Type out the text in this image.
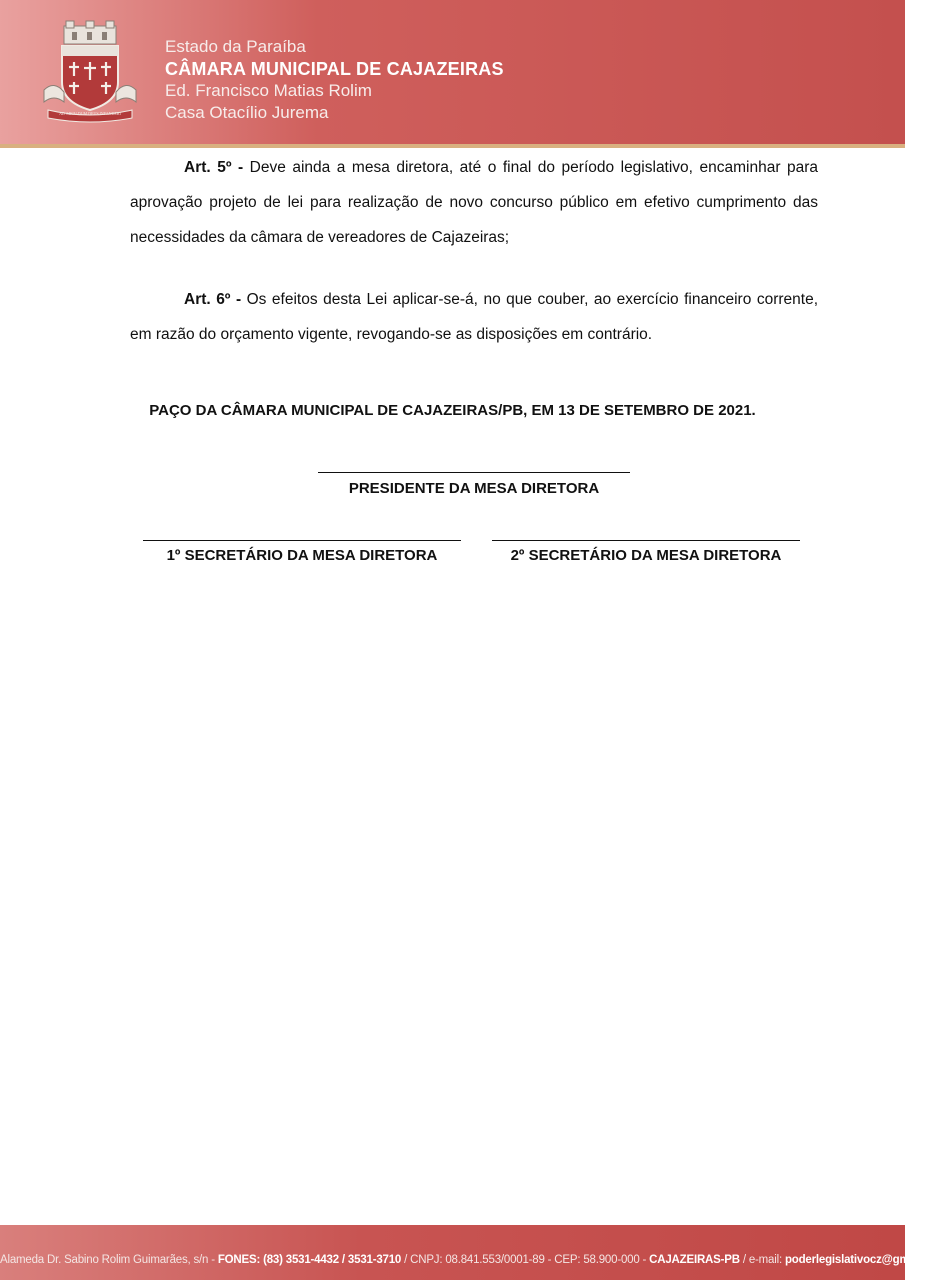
AD ARCU DUM DEUS INFANDERI
Estado da Paraíba
CÂMARA MUNICIPAL DE CAJAZEIRAS
Ed. Francisco Matias Rolim
Casa Otacílio Jurema

Art. 5º - Deve ainda a mesa diretora, até o final do período legislativo, encaminhar para aprovação projeto de lei para realização de novo concurso público em efetivo cumprimento das necessidades da câmara de vereadores de Cajazeiras;

Art. 6º - Os efeitos desta Lei aplicar-se-á, no que couber, ao exercício financeiro corrente, em razão do orçamento vigente, revogando-se as disposições em contrário.

PAÇO DA CÂMARA MUNICIPAL DE CAJAZEIRAS/PB, EM 13 DE SETEMBRO DE 2021.
PRESIDENTE DA MESA DIRETORA
1º SECRETÁRIO DA MESA DIRETORA	2º SECRETÁRIO DA MESA DIRETORA
Alameda Dr. Sabino Rolim Guimarães, s/n - FONES: (83) 3531-4432 / 3531-3710 / CNPJ: 08.841.553/0001-89 - CEP: 58.900-000 - CAJAZEIRAS-PB / e-mail: poderlegislativocz@gmail.com
